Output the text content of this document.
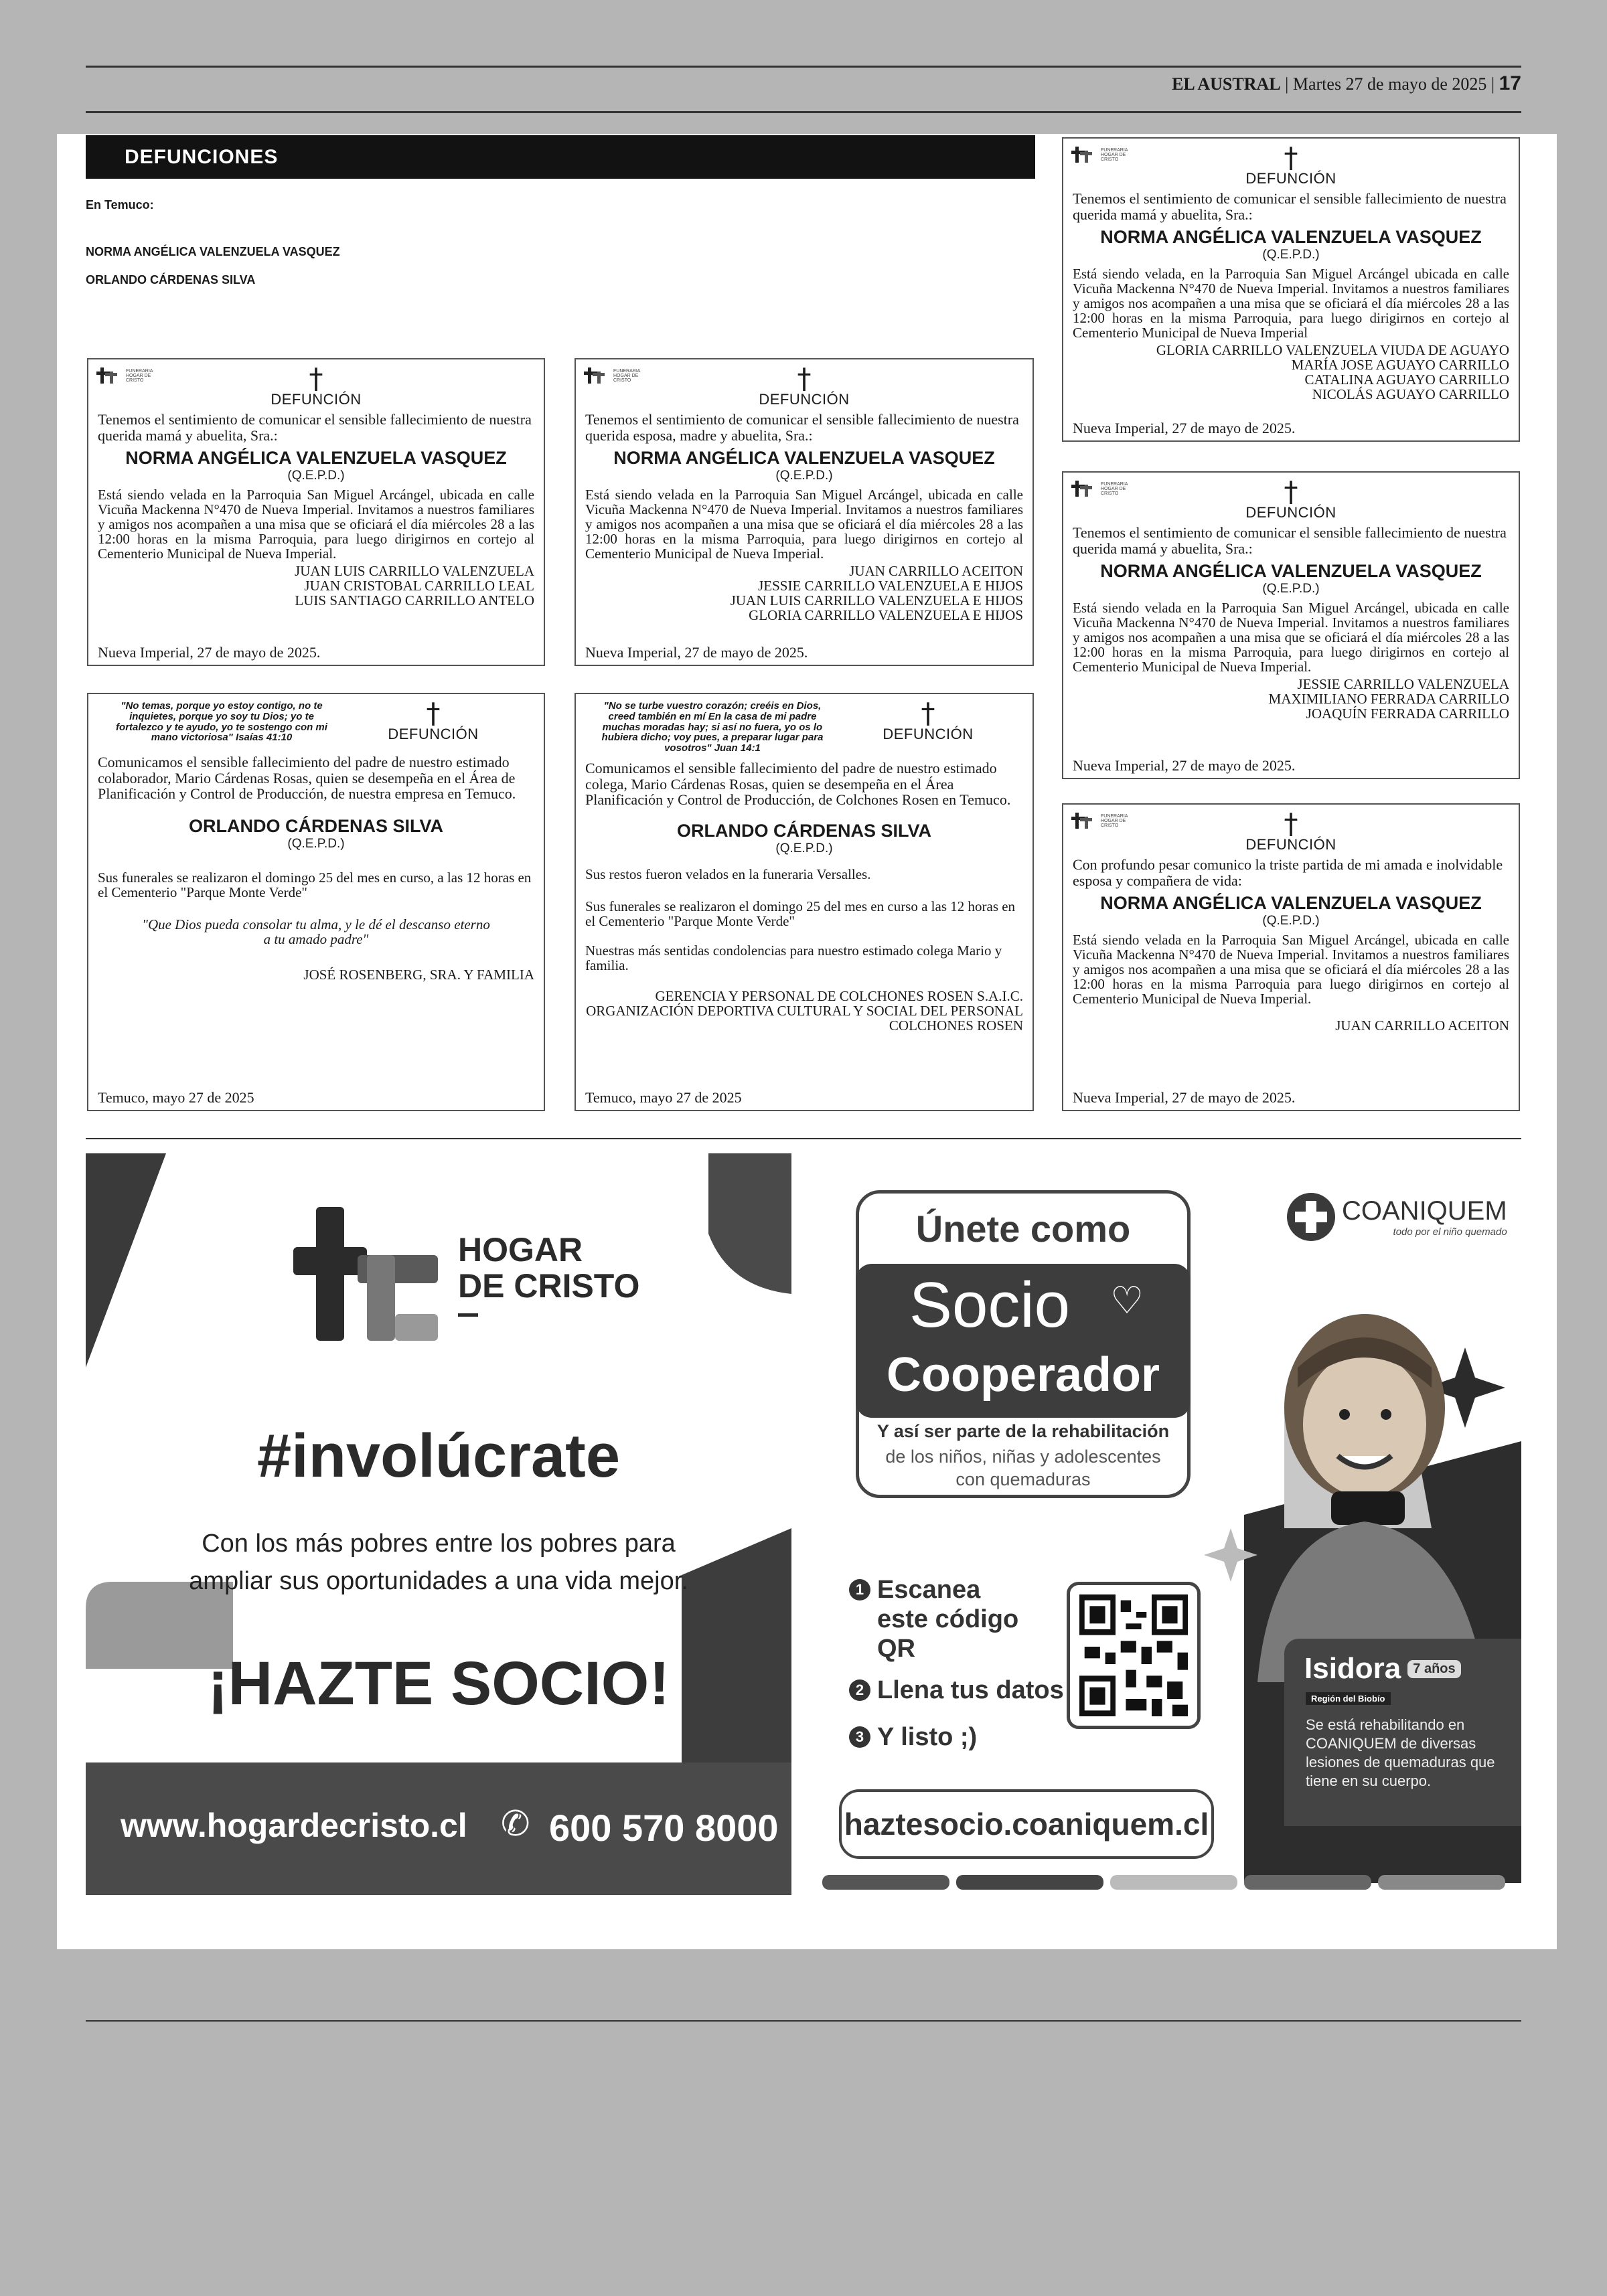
EL AUSTRAL | Martes 27 de mayo de 2025 | 17
DEFUNCIONES
En Temuco:
NORMA ANGÉLICA VALENZUELA VASQUEZ
ORLANDO CÁRDENAS SILVA
FUNERARIA HOGAR DE CRISTO	†
DEFUNCIÓN
Tenemos el sentimiento de comunicar el sensible fallecimiento de nuestra querida mamá y abuelita, Sra.:
NORMA ANGÉLICA VALENZUELA VASQUEZ
(Q.E.P.D.)
Está siendo velada en la Parroquia San Miguel Arcángel, ubicada en calle Vicuña Mackenna N°470 de Nueva Imperial. Invitamos a nuestros familiares y amigos nos acompañen a una misa que se oficiará el día miércoles 28 a las 12:00 horas en la misma Parroquia, para luego dirigirnos en cortejo al Cementerio Municipal de Nueva Imperial.
JUAN LUIS CARRILLO VALENZUELA
JUAN CRISTOBAL CARRILLO LEAL
LUIS SANTIAGO CARRILLO ANTELO
Nueva Imperial, 27 de mayo de 2025.
FUNERARIA HOGAR DE CRISTO	†
DEFUNCIÓN
Tenemos el sentimiento de comunicar el sensible fallecimiento de nuestra querida esposa, madre y abuelita, Sra.:
NORMA ANGÉLICA VALENZUELA VASQUEZ
(Q.E.P.D.)
Está siendo velada en la Parroquia San Miguel Arcángel, ubicada en calle Vicuña Mackenna N°470 de Nueva Imperial. Invitamos a nuestros familiares y amigos nos acompañen a una misa que se oficiará el día miércoles 28 a las 12:00 horas en la misma Parroquia, para luego dirigirnos en cortejo al Cementerio Municipal de Nueva Imperial.
JUAN CARRILLO ACEITON
JESSIE CARRILLO VALENZUELA E HIJOS
JUAN LUIS CARRILLO VALENZUELA E HIJOS
GLORIA CARRILLO VALENZUELA E HIJOS
Nueva Imperial, 27 de mayo de 2025.
FUNERARIA HOGAR DE CRISTO	†
DEFUNCIÓN
Tenemos el sentimiento de comunicar el sensible fallecimiento de nuestra querida mamá y abuelita, Sra.:
NORMA ANGÉLICA VALENZUELA VASQUEZ
(Q.E.P.D.)
Está siendo velada, en la Parroquia San Miguel Arcángel ubicada en calle Vicuña Mackenna N°470 de Nueva Imperial. Invitamos a nuestros familiares y amigos nos acompañen a una misa que se oficiará el día miércoles 28 a las 12:00 horas en la misma Parroquia, para luego dirigirnos en cortejo al Cementerio Municipal de Nueva Imperial
GLORIA CARRILLO VALENZUELA VIUDA DE AGUAYO
MARÍA JOSE AGUAYO CARRILLO
CATALINA AGUAYO CARRILLO
NICOLÁS AGUAYO CARRILLO
Nueva Imperial, 27 de mayo de 2025.
FUNERARIA HOGAR DE CRISTO	†
DEFUNCIÓN
Tenemos el sentimiento de comunicar el sensible fallecimiento de nuestra querida mamá y abuelita, Sra.:
NORMA ANGÉLICA VALENZUELA VASQUEZ
(Q.E.P.D.)
Está siendo velada en la Parroquia San Miguel Arcángel, ubicada en calle Vicuña Mackenna N°470 de Nueva Imperial. Invitamos a nuestros familiares y amigos nos acompañen a una misa que se oficiará el día miércoles 28 a las 12:00 horas en la misma Parroquia, para luego dirigirnos en cortejo al Cementerio Municipal de Nueva Imperial.
JESSIE CARRILLO VALENZUELA
MAXIMILIANO FERRADA CARRILLO
JOAQUÍN FERRADA CARRILLO
Nueva Imperial, 27 de mayo de 2025.
FUNERARIA HOGAR DE CRISTO	†
DEFUNCIÓN
Con profundo pesar comunico la triste partida de mi amada e inolvidable esposa y compañera de vida:
NORMA ANGÉLICA VALENZUELA VASQUEZ
(Q.E.P.D.)
Está siendo velada en la Parroquia San Miguel Arcángel, ubicada en calle Vicuña Mackenna N°470 de Nueva Imperial. Invitamos a nuestros familiares y amigos nos acompañen a una misa que se oficiará el día miércoles 28 a las 12:00 horas en la misma Parroquia para luego dirigirnos en cortejo al Cementerio Municipal de Nueva Imperial.
JUAN CARRILLO ACEITON
Nueva Imperial, 27 de mayo de 2025.
"No temas, porque yo estoy contigo, no te inquietes, porque yo soy tu Dios; yo te fortalezco y te ayudo, yo te sostengo con mi mano victoriosa" Isaías 41:10
†
DEFUNCIÓN
Comunicamos el sensible fallecimiento del padre de nuestro estimado colaborador, Mario Cárdenas Rosas, quien se desempeña en el Área de Planificación y Control de Producción, de nuestra empresa en Temuco.
ORLANDO CÁRDENAS SILVA
(Q.E.P.D.)
Sus funerales se realizaron el domingo 25 del mes en curso, a las 12 horas en el Cementerio "Parque Monte Verde"
"Que Dios pueda consolar tu alma, y le dé el descanso eterno a tu amado padre"
JOSÉ ROSENBERG, SRA. Y FAMILIA
Temuco, mayo 27 de 2025
"No se turbe vuestro corazón; creéis en Dios, creed también en mí En la casa de mi padre muchas moradas hay; si así no fuera, yo os lo hubiera dicho; voy pues, a preparar lugar para vosotros" Juan 14:1
†
DEFUNCIÓN
Comunicamos el sensible fallecimiento del padre de nuestro estimado colega, Mario Cárdenas Rosas, quien se desempeña en el Área Planificación y Control de Producción, de Colchones Rosen en Temuco.
ORLANDO CÁRDENAS SILVA
(Q.E.P.D.)
Sus restos fueron velados en la funeraria Versalles.
Sus funerales se realizaron el domingo 25 del mes en curso a las 12 horas en el Cementerio "Parque Monte Verde"
Nuestras más sentidas condolencias para nuestro estimado colega Mario y familia.
GERENCIA Y PERSONAL DE COLCHONES ROSEN S.A.I.C.
ORGANIZACIÓN DEPORTIVA CULTURAL Y SOCIAL DEL PERSONAL
COLCHONES ROSEN
Temuco, mayo 27 de 2025
HOGAR
DE CRISTO
#involúcrate
Con los más pobres entre los pobres para ampliar sus oportunidades a una vida mejor.
¡HAZTE SOCIO!
www.hogardecristo.cl ✆ 600 570 8000
Únete como
Socio	♡
Cooperador
Y así ser parte de la rehabilitación
de los niños, niñas y adolescentes con quemaduras
COANIQUEM
todo por el niño quemado
1 Escanea este código QR
2 Llena tus datos
3 Y listo ;)
Isidora 7 años
Región del Biobío
Se está rehabilitando en COANIQUEM de diversas lesiones de quemaduras que tiene en su cuerpo.
haztesocio.coaniquem.cl
